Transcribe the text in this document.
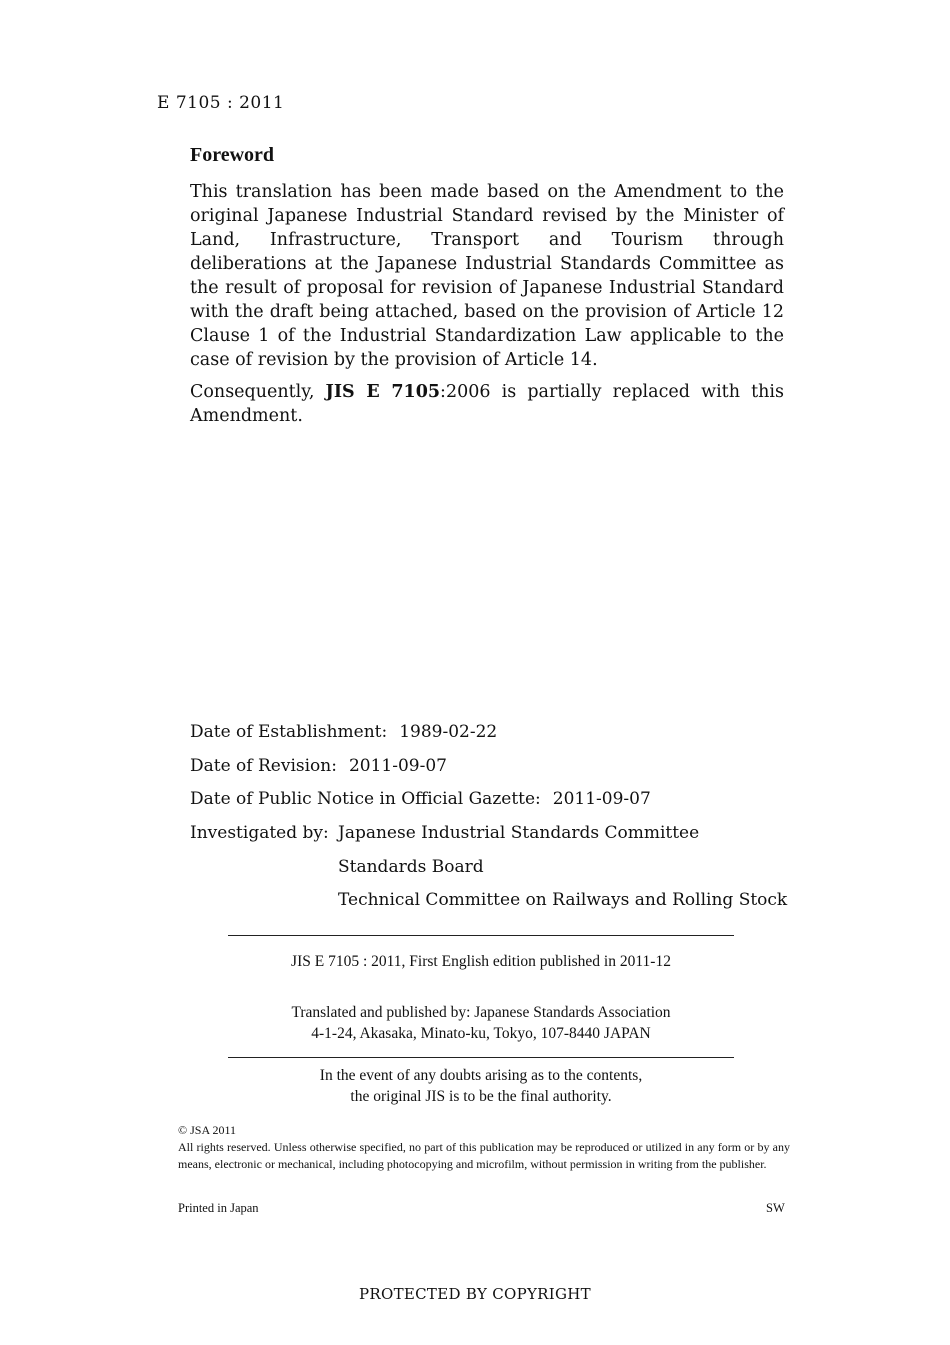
E 7105 : 2011
Foreword
This translation has been made based on the Amendment to the original Japanese Industrial Standard revised by the Minister of Land, Infrastructure, Transport and Tourism through deliberations at the Japanese Industrial Standards Committee as the result of proposal for revision of Japanese Industrial Standard with the draft being attached, based on the provision of Article 12 Clause 1 of the Industrial Standardization Law applicable to the case of revision by the provision of Article 14.
Consequently, JIS E 7105:2006 is partially replaced with this Amendment.
Date of Establishment: 1989-02-22
Date of Revision: 2011-09-07
Date of Public Notice in Official Gazette: 2011-09-07
Investigated by: Japanese Industrial Standards Committee
Standards Board
Technical Committee on Railways and Rolling Stock
JIS E 7105 : 2011, First English edition published in 2011-12
Translated and published by: Japanese Standards Association
4-1-24, Akasaka, Minato-ku, Tokyo, 107-8440 JAPAN
In the event of any doubts arising as to the contents,
the original JIS is to be the final authority.
© JSA 2011
All rights reserved. Unless otherwise specified, no part of this publication may be reproduced or utilized in any form or by any means, electronic or mechanical, including photocopying and microfilm, without permission in writing from the publisher.
Printed in Japan	SW
PROTECTED BY COPYRIGHT
